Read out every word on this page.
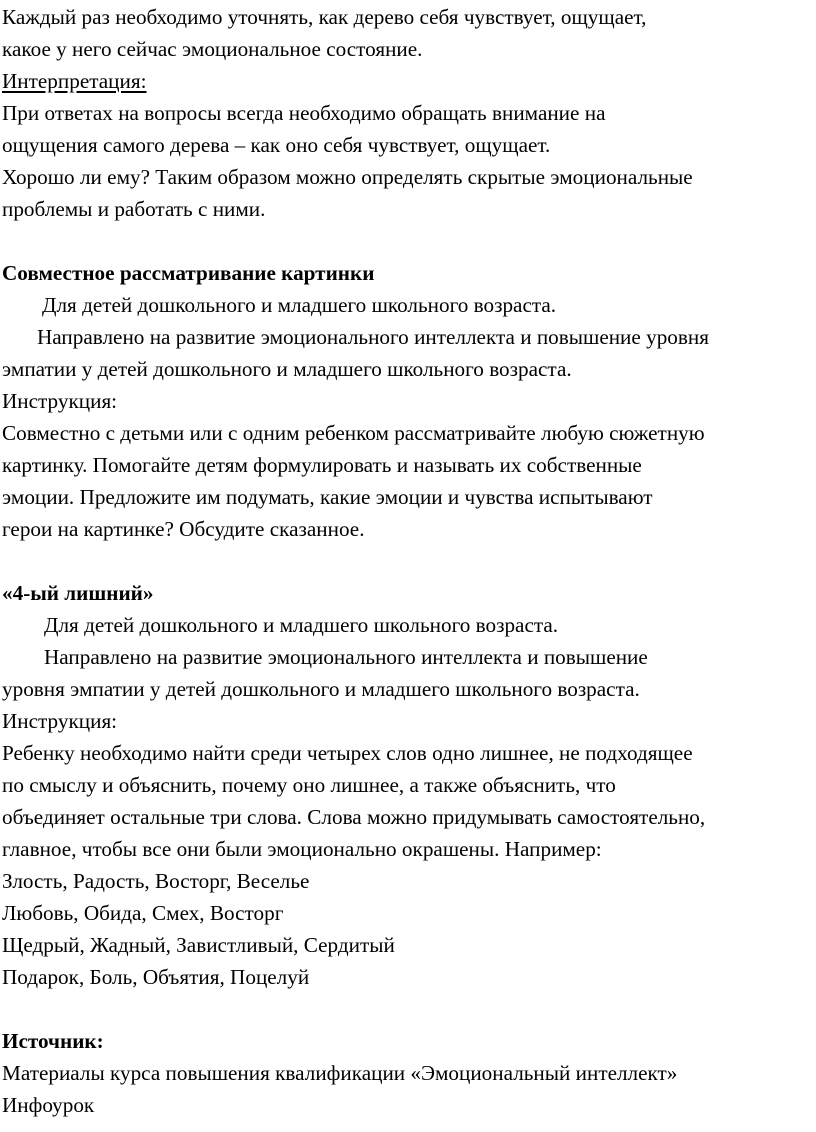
Каждый раз необходимо уточнять, как дерево себя чувствует, ощущает,
какое у него сейчас эмоциональное состояние.
Интерпретация:
При ответах на вопросы всегда необходимо обращать внимание на
ощущения самого дерева – как оно себя чувствует, ощущает.
Хорошо ли ему? Таким образом можно определять скрытые эмоциональные
проблемы и работать с ними.
Совместное рассматривание картинки
Для детей дошкольного и младшего школьного возраста.
Направлено на развитие эмоционального интеллекта и повышение уровня
эмпатии у детей дошкольного и младшего школьного возраста.
Инструкция:
Совместно с детьми или с одним ребенком рассматривайте любую сюжетную
картинку. Помогайте детям формулировать и называть их собственные
эмоции. Предложите им подумать, какие эмоции и чувства испытывают
герои на картинке? Обсудите сказанное.
«4-ый лишний»
Для детей дошкольного и младшего школьного возраста.
Направлено на развитие эмоционального интеллекта и повышение
уровня эмпатии у детей дошкольного и младшего школьного возраста.
Инструкция:
Ребенку необходимо найти среди четырех слов одно лишнее, не подходящее
по смыслу и объяснить, почему оно лишнее, а также объяснить, что
объединяет остальные три слова. Слова можно придумывать самостоятельно,
главное, чтобы все они были эмоционально окрашены. Например:
Злость, Радость, Восторг, Веселье
Любовь, Обида, Смех, Восторг
Щедрый, Жадный, Завистливый, Сердитый
Подарок, Боль, Объятия, Поцелуй
Источник:
Материалы курса повышения квалификации «Эмоциональный интеллект»
Инфоурок
